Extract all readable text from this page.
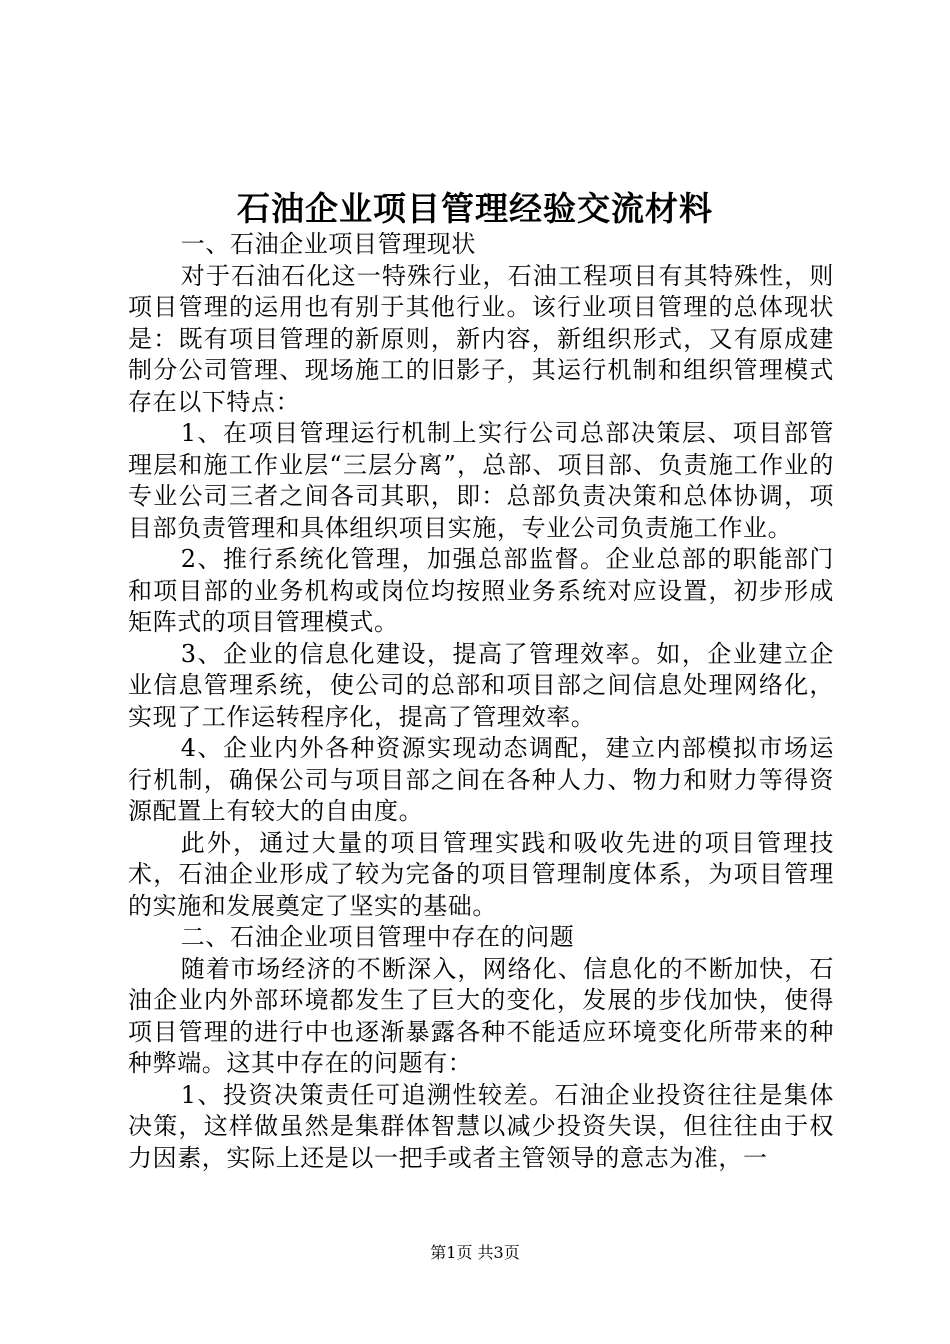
石油企业项目管理经验交流材料

一、石油企业项目管理现状

对于石油石化这一特殊行业，石油工程项目有其特殊性，则项目管理的运用也有别于其他行业。该行业项目管理的总体现状是：既有项目管理的新原则，新内容，新组织形式，又有原成建制分公司管理、现场施工的旧影子，其运行机制和组织管理模式存在以下特点：

1、在项目管理运行机制上实行公司总部决策层、项目部管理层和施工作业层“三层分离”，总部、项目部、负责施工作业的专业公司三者之间各司其职，即：总部负责决策和总体协调，项目部负责管理和具体组织项目实施，专业公司负责施工作业。

2、推行系统化管理，加强总部监督。企业总部的职能部门和项目部的业务机构或岗位均按照业务系统对应设置，初步形成矩阵式的项目管理模式。

3、企业的信息化建设，提高了管理效率。如，企业建立企业信息管理系统，使公司的总部和项目部之间信息处理网络化，实现了工作运转程序化，提高了管理效率。

4、企业内外各种资源实现动态调配，建立内部模拟市场运行机制，确保公司与项目部之间在各种人力、物力和财力等得资源配置上有较大的自由度。

此外，通过大量的项目管理实践和吸收先进的项目管理技术，石油企业形成了较为完备的项目管理制度体系，为项目管理的实施和发展奠定了坚实的基础。

二、石油企业项目管理中存在的问题

随着市场经济的不断深入，网络化、信息化的不断加快，石油企业内外部环境都发生了巨大的变化，发展的步伐加快，使得项目管理的进行中也逐渐暴露各种不能适应环境变化所带来的种种弊端。这其中存在的问题有：

1、投资决策责任可追溯性较差。石油企业投资往往是集体决策，这样做虽然是集群体智慧以减少投资失误，但往往由于权力因素，实际上还是以一把手或者主管领导的意志为准，一

第1页 共3页
